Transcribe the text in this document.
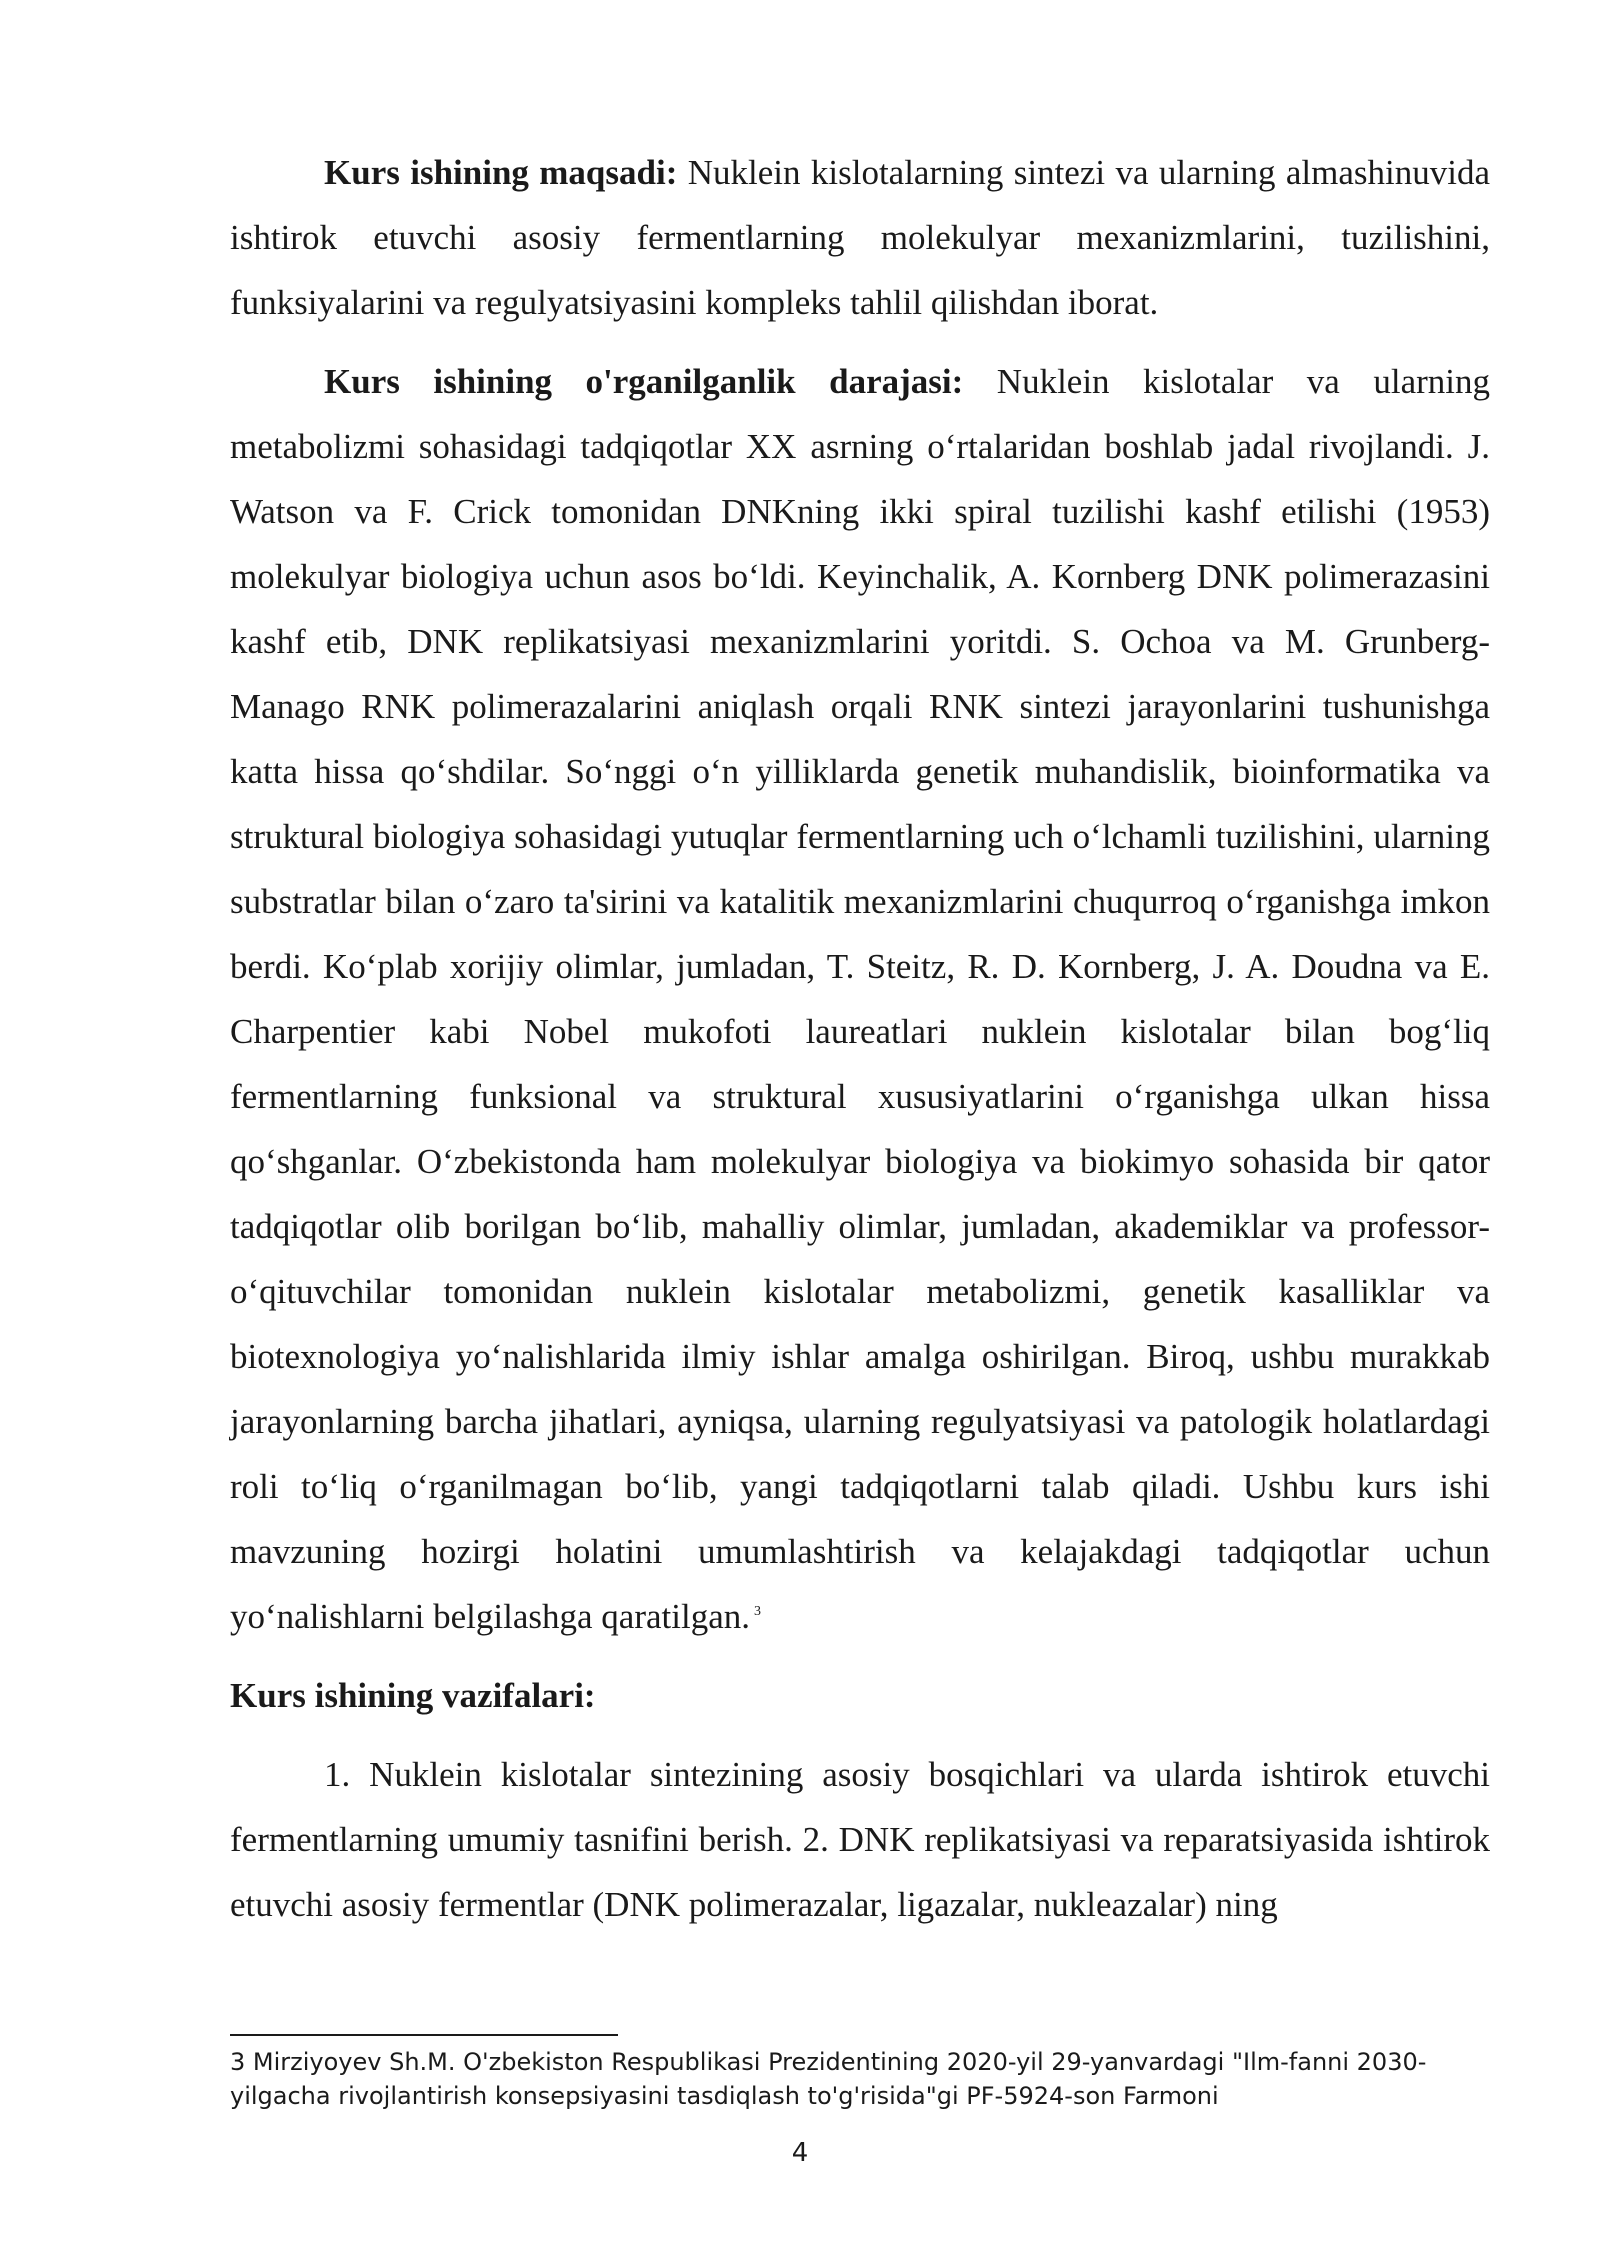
Kurs ishining maqsadi: Nuklein kislotalarning sintezi va ularning almashinuvida ishtirok etuvchi asosiy fermentlarning molekulyar mexanizmlarini, tuzilishini, funksiyalarini va regulyatsiyasini kompleks tahlil qilishdan iborat.

Kurs ishining o'rganilganlik darajasi: Nuklein kislotalar va ularning metabolizmi sohasidagi tadqiqotlar XX asrning o‘rtalaridan boshlab jadal rivojlandi. J. Watson va F. Crick tomonidan DNKning ikki spiral tuzilishi kashf etilishi (1953) molekulyar biologiya uchun asos bo‘ldi. Keyinchalik, A. Kornberg DNK polimerazasini kashf etib, DNK replikatsiyasi mexanizmlarini yoritdi. S. Ochoa va M. Grunberg-Manago RNK polimerazalarini aniqlash orqali RNK sintezi jarayonlarini tushunishga katta hissa qo‘shdilar. So‘nggi o‘n yilliklarda genetik muhandislik, bioinformatika va struktural biologiya sohasidagi yutuqlar fermentlarning uch o‘lchamli tuzilishini, ularning substratlar bilan o‘zaro ta'sirini va katalitik mexanizmlarini chuqurroq o‘rganishga imkon berdi. Ko‘plab xorijiy olimlar, jumladan, T. Steitz, R. D. Kornberg, J. A. Doudna va E. Charpentier kabi Nobel mukofoti laureatlari nuklein kislotalar bilan bog‘liq fermentlarning funksional va struktural xususiyatlarini o‘rganishga ulkan hissa qo‘shganlar. O‘zbekistonda ham molekulyar biologiya va biokimyo sohasida bir qator tadqiqotlar olib borilgan bo‘lib, mahalliy olimlar, jumladan, akademiklar va professor-o‘qituvchilar tomonidan nuklein kislotalar metabolizmi, genetik kasalliklar va biotexnologiya yo‘nalishlarida ilmiy ishlar amalga oshirilgan. Biroq, ushbu murakkab jarayonlarning barcha jihatlari, ayniqsa, ularning regulyatsiyasi va patologik holatlardagi roli to‘liq o‘rganilmagan bo‘lib, yangi tadqiqotlarni talab qiladi. Ushbu kurs ishi mavzuning hozirgi holatini umumlashtirish va kelajakdagi tadqiqotlar uchun yo‘nalishlarni belgilashga qaratilgan. $^3$

Kurs ishining vazifalari:

1. Nuklein kislotalar sintezining asosiy bosqichlari va ularda ishtirok etuvchi fermentlarning umumiy tasnifini berish. 2. DNK replikatsiyasi va reparatsiyasida ishtirok etuvchi asosiy fermentlar (DNK polimerazalar, ligazalar, nukleazalar) ning

3 Mirziyoyev Sh.M. O'zbekiston Respublikasi Prezidentining 2020-yil 29-yanvardagi "Ilm-fanni 2030-yilgacha rivojlantirish konsepsiyasini tasdiqlash to'g'risida"gi PF-5924-son Farmoni
4
